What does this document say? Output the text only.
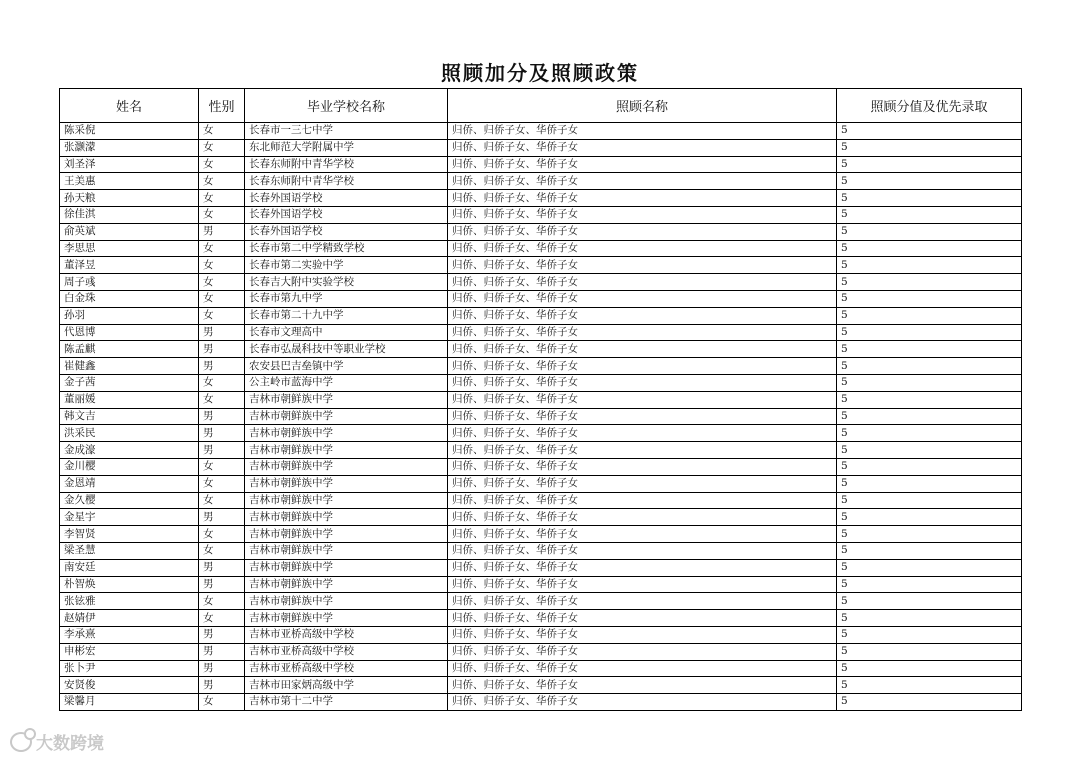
照顾加分及照顾政策
姓名	性别	毕业学校名称	照顾名称	照顾分值及优先录取
陈采倪	女	长春市一三七中学	归侨、归侨子女、华侨子女	5
张灏濛	女	东北师范大学附属中学	归侨、归侨子女、华侨子女	5
刘圣泽	女	长春东师附中青华学校	归侨、归侨子女、华侨子女	5
王美惠	女	长春东师附中青华学校	归侨、归侨子女、华侨子女	5
孙天粮	女	长春外国语学校	归侨、归侨子女、华侨子女	5
徐佳淇	女	长春外国语学校	归侨、归侨子女、华侨子女	5
俞英斌	男	长春外国语学校	归侨、归侨子女、华侨子女	5
李思思	女	长春市第二中学精致学校	归侨、归侨子女、华侨子女	5
董泽昱	女	长春市第二实验中学	归侨、归侨子女、华侨子女	5
周子彧	女	长春吉大附中实验学校	归侨、归侨子女、华侨子女	5
白金珠	女	长春市第九中学	归侨、归侨子女、华侨子女	5
孙羽	女	长春市第二十九中学	归侨、归侨子女、华侨子女	5
代恩博	男	长春市文理高中	归侨、归侨子女、华侨子女	5
陈孟麒	男	长春市弘晟科技中等职业学校	归侨、归侨子女、华侨子女	5
崔健鑫	男	农安县巴吉垒镇中学	归侨、归侨子女、华侨子女	5
金子茜	女	公主岭市蓝海中学	归侨、归侨子女、华侨子女	5
董丽媛	女	吉林市朝鲜族中学	归侨、归侨子女、华侨子女	5
韩文吉	男	吉林市朝鲜族中学	归侨、归侨子女、华侨子女	5
洪采民	男	吉林市朝鲜族中学	归侨、归侨子女、华侨子女	5
金成濠	男	吉林市朝鲜族中学	归侨、归侨子女、华侨子女	5
金川樱	女	吉林市朝鲜族中学	归侨、归侨子女、华侨子女	5
金恩靖	女	吉林市朝鲜族中学	归侨、归侨子女、华侨子女	5
金久樱	女	吉林市朝鲜族中学	归侨、归侨子女、华侨子女	5
金星宇	男	吉林市朝鲜族中学	归侨、归侨子女、华侨子女	5
李智贤	女	吉林市朝鲜族中学	归侨、归侨子女、华侨子女	5
梁圣慧	女	吉林市朝鲜族中学	归侨、归侨子女、华侨子女	5
南安廷	男	吉林市朝鲜族中学	归侨、归侨子女、华侨子女	5
朴智焕	男	吉林市朝鲜族中学	归侨、归侨子女、华侨子女	5
张铉雅	女	吉林市朝鲜族中学	归侨、归侨子女、华侨子女	5
赵婧伊	女	吉林市朝鲜族中学	归侨、归侨子女、华侨子女	5
李承熹	男	吉林市亚桥高级中学校	归侨、归侨子女、华侨子女	5
申彬宏	男	吉林市亚桥高级中学校	归侨、归侨子女、华侨子女	5
张卜尹	男	吉林市亚桥高级中学校	归侨、归侨子女、华侨子女	5
安贤俊	男	吉林市田家炳高级中学	归侨、归侨子女、华侨子女	5
梁馨月	女	吉林市第十二中学	归侨、归侨子女、华侨子女	5
大数跨境
